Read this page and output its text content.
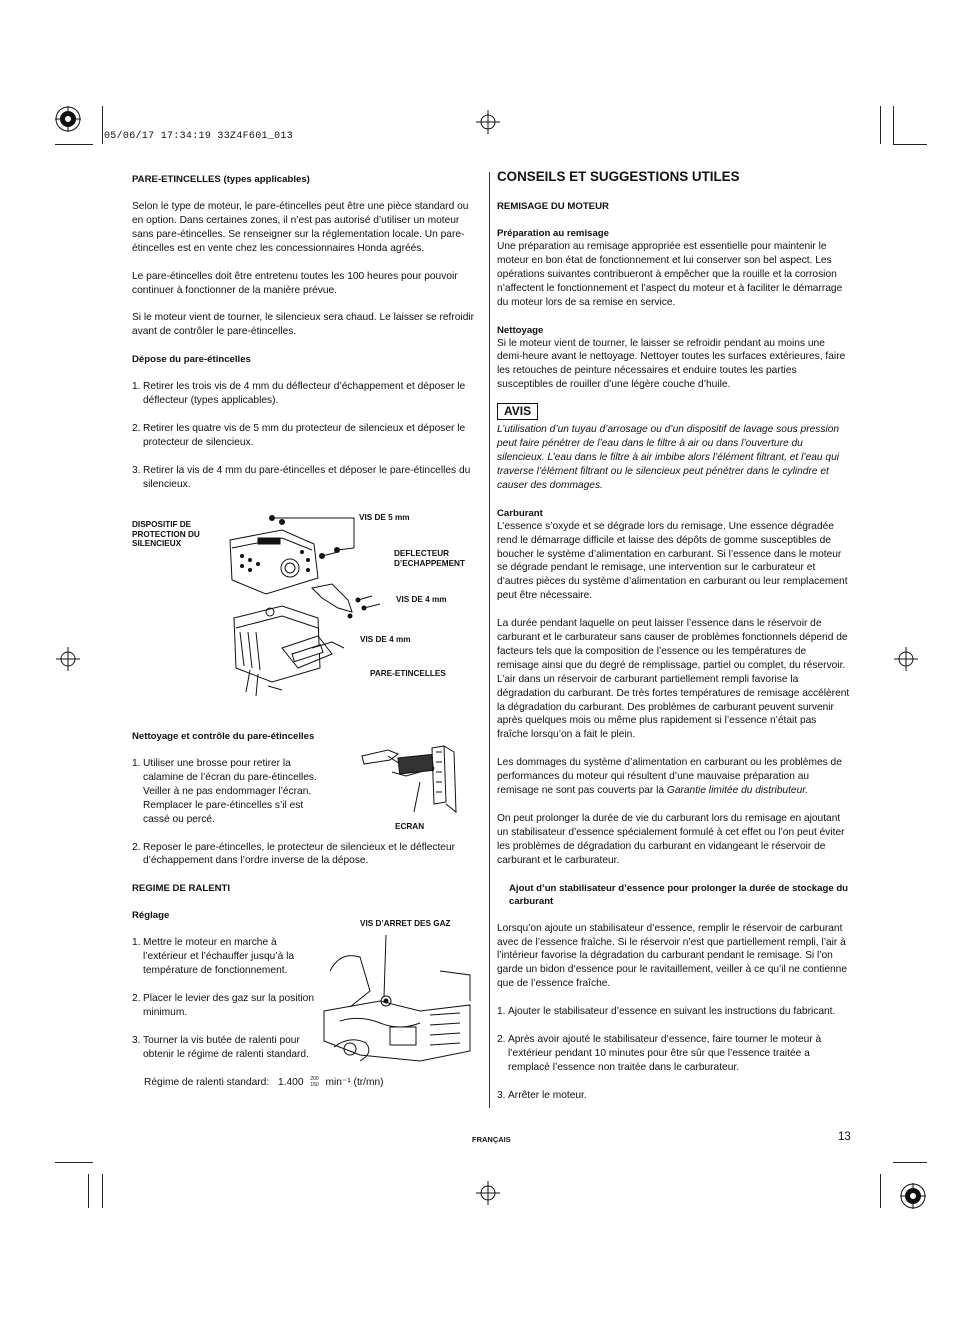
05/06/17 17:34:19 33Z4F601_013

PARE-ETINCELLES (types applicables)

Selon le type de moteur, le pare-étincelles peut être une pièce standard ou en option. Dans certaines zones, il n’est pas autorisé d’utiliser un moteur sans pare-étincelles. Se renseigner sur la réglementation locale. Un pare-étincelles est en vente chez les concessionnaires Honda agréés.

Le pare-étincelles doit être entretenu toutes les 100 heures pour pouvoir continuer à fonctionner de la manière prévue.

Si le moteur vient de tourner, le silencieux sera chaud. Le laisser se refroidir avant de contrôler le pare-étincelles.

Dépose du pare-étincelles

1. Retirer les trois vis de 4 mm du déflecteur d’échappement et déposer le déflecteur (types applicables).
2. Retirer les quatre vis de 5 mm du protecteur de silencieux et déposer le protecteur de silencieux.
3. Retirer la vis de 4 mm du pare-étincelles et déposer le pare-étincelles du silencieux.
DISPOSITIF DE PROTECTION DU SILENCIEUX
VIS DE 5 mm
DEFLECTEUR D’ECHAPPEMENT
VIS DE 4 mm
VIS DE 4 mm
PARE-ETINCELLES

Nettoyage et contrôle du pare-étincelles

1. Utiliser une brosse pour retirer la calamine de l’écran du pare-étincelles. Veiller à ne pas endommager l’écran. Remplacer le pare-étincelles s’il est cassé ou percé.
2. Reposer le pare-étincelles, le protecteur de silencieux et le déflecteur d’échappement dans l’ordre inverse de la dépose.

REGIME DE RALENTI

Réglage

1. Mettre le moteur en marche à l’extérieur et l’échauffer jusqu’à la température de fonctionnement.
2. Placer le levier des gaz sur la position minimum.
3. Tourner la vis butée de ralenti pour obtenir le régime de ralenti standard.
Régime de ralenti standard: 1.400 200
150 min⁻¹ (tr/mn)
ECRAN
VIS D’ARRET DES GAZ

CONSEILS ET SUGGESTIONS UTILES

REMISAGE DU MOTEUR

Préparation au remisage

Une préparation au remisage appropriée est essentielle pour maintenir le moteur en bon état de fonctionnement et lui conserver son bel aspect. Les opérations suivantes contribueront à empêcher que la rouille et la corrosion n’affectent le fonctionnement et l’aspect du moteur et à faciliter le démarrage du moteur lors de sa remise en service.

Nettoyage

Si le moteur vient de tourner, le laisser se refroidir pendant au moins une demi-heure avant le nettoyage. Nettoyer toutes les surfaces extérieures, faire les retouches de peinture nécessaires et enduire toutes les parties susceptibles de rouiller d’une légère couche d’huile.

AVIS

L’utilisation d’un tuyau d’arrosage ou d’un dispositif de lavage sous pression peut faire pénétrer de l’eau dans le filtre à air ou dans l’ouverture du silencieux. L’eau dans le filtre à air imbibe alors l’élément filtrant, et l’eau qui traverse l’élément filtrant ou le silencieux peut pénétrer dans le cylindre et causer des dommages.

Carburant

L’essence s’oxyde et se dégrade lors du remisage. Une essence dégradée rend le démarrage difficile et laisse des dépôts de gomme susceptibles de boucher le système d’alimentation en carburant. Si l’essence dans le moteur se dégrade pendant le remisage, une intervention sur le carburateur et d’autres pièces du système d’alimentation en carburant ou leur remplacement peut être nécessaire.

La durée pendant laquelle on peut laisser l’essence dans le réservoir de carburant et le carburateur sans causer de problèmes fonctionnels dépend de facteurs tels que la composition de l’essence ou les températures de remisage ainsi que du degré de remplissage, partiel ou complet, du réservoir. L’air dans un réservoir de carburant partiellement rempli favorise la dégradation du carburant. De très fortes températures de remisage accélèrent la dégradation du carburant. Des problèmes de carburant peuvent survenir après quelques mois ou même plus rapidement si l’essence n’était pas fraîche lorsqu’on a fait le plein.

Les dommages du système d’alimentation en carburant ou les problèmes de performances du moteur qui résultent d’une mauvaise préparation au remisage ne sont pas couverts par la Garantie limitée du distributeur.

On peut prolonger la durée de vie du carburant lors du remisage en ajoutant un stabilisateur d’essence spécialement formulé à cet effet ou l’on peut éviter les problèmes de dégradation du carburant en vidangeant le réservoir de carburant et le carburateur.

Ajout d’un stabilisateur d’essence pour prolonger la durée de stockage du carburant

Lorsqu’on ajoute un stabilisateur d’essence, remplir le réservoir de carburant avec de l’essence fraîche. Si le réservoir n’est que partiellement rempli, l’air à l’intérieur favorise la dégradation du carburant pendant le remisage. Si l’on garde un bidon d’essence pour le ravitaillement, veiller à ce qu’il ne contienne que de l’essence fraîche.

1. Ajouter le stabilisateur d’essence en suivant les instructions du fabricant.
2. Après avoir ajouté le stabilisateur d’essence, faire tourner le moteur à l’extérieur pendant 10 minutes pour être sûr que l’essence traitée a remplacé l’essence non traitée dans le carburateur.
3. Arrêter le moteur.
FRANÇAIS	13
